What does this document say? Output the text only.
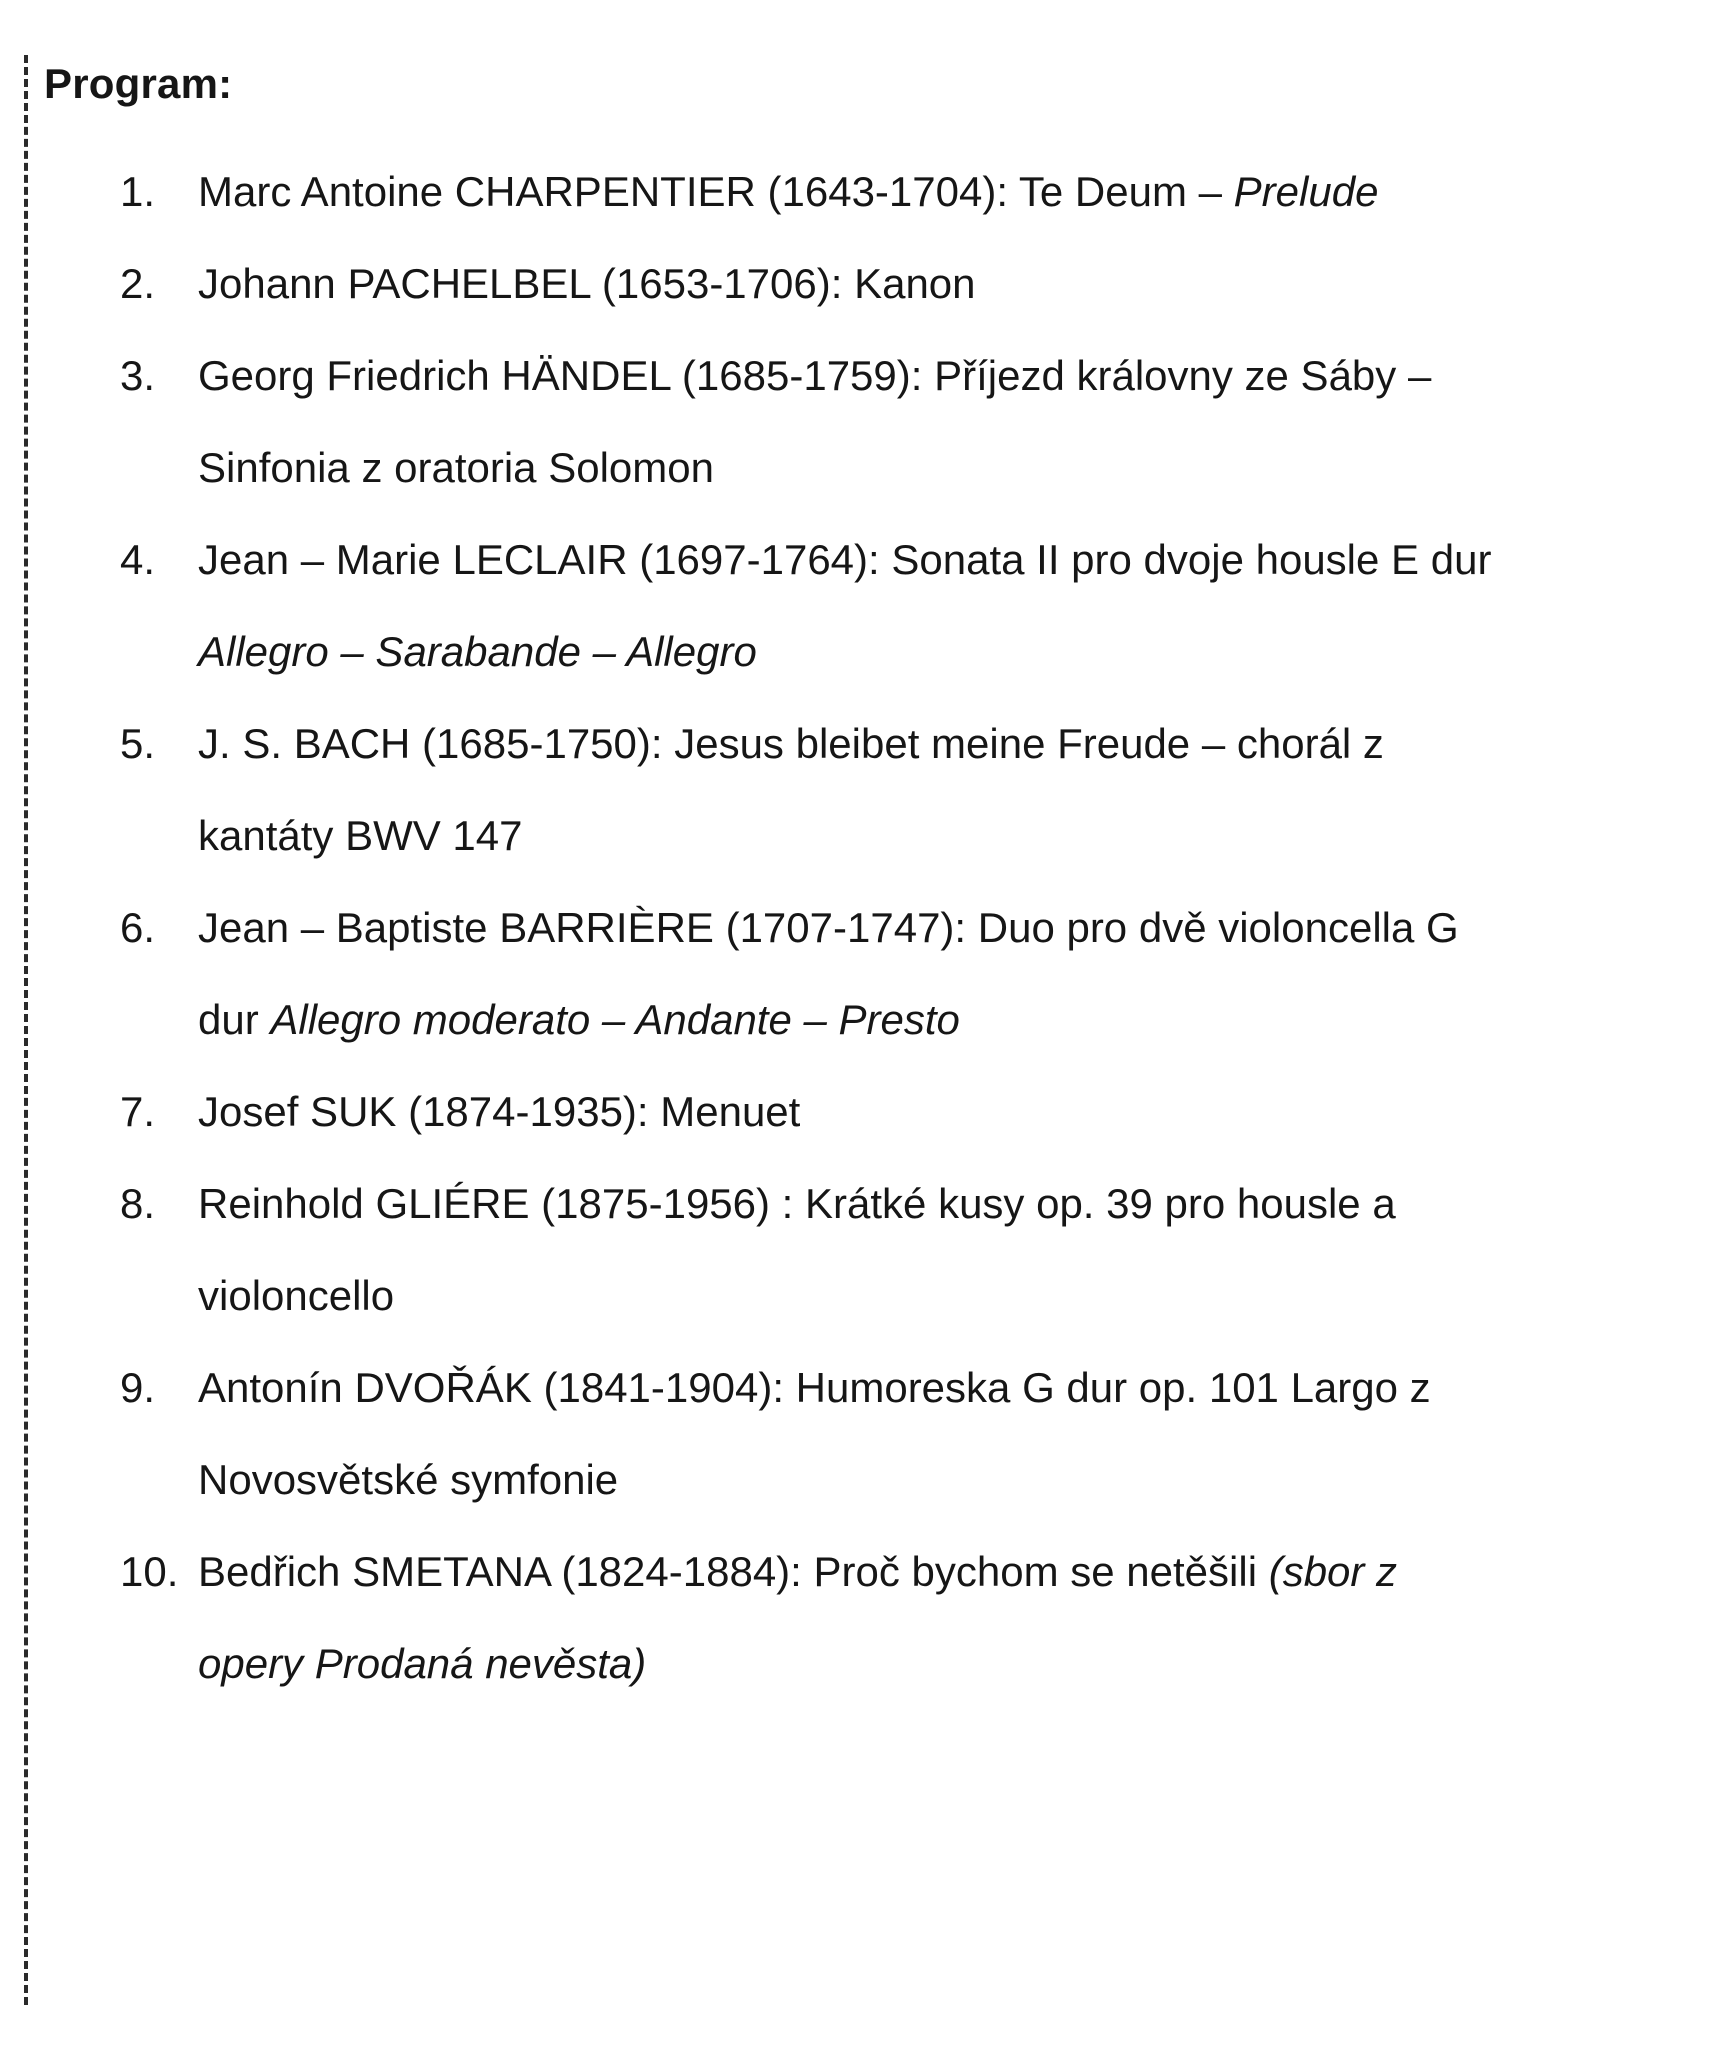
Program:
1. Marc Antoine CHARPENTIER (1643-1704): Te Deum – Prelude
2. Johann PACHELBEL (1653-1706): Kanon
3. Georg Friedrich HÄNDEL (1685-1759): Příjezd královny ze Sáby –
Sinfonia z oratoria Solomon
4. Jean – Marie LECLAIR (1697-1764): Sonata II pro dvoje housle E dur
Allegro – Sarabande – Allegro
5. J. S. BACH (1685-1750): Jesus bleibet meine Freude – chorál z
kantáty BWV 147
6. Jean – Baptiste BARRIÈRE (1707-1747): Duo pro dvě violoncella G
dur Allegro moderato – Andante – Presto
7. Josef SUK (1874-1935): Menuet
8. Reinhold GLIÉRE (1875-1956) : Krátké kusy op. 39 pro housle a
violoncello
9. Antonín DVOŘÁK (1841-1904): Humoreska G dur op. 101 Largo z
Novosvětské symfonie
10. Bedřich SMETANA (1824-1884): Proč bychom se netěšili (sbor z
opery Prodaná nevěsta)
